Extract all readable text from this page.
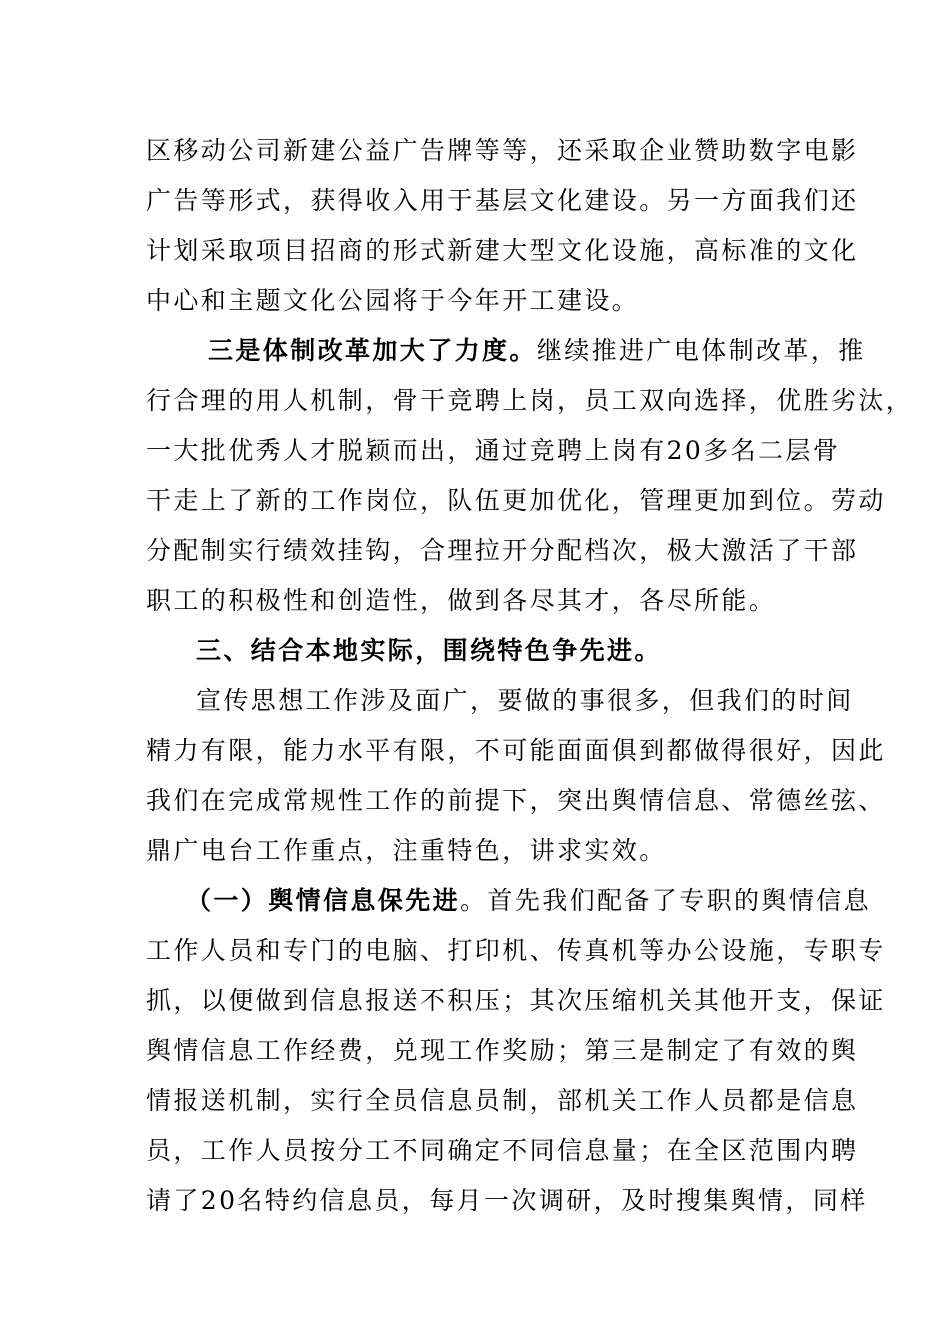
区移动公司新建公益广告牌等等，还采取企业赞助数字电影
广告等形式，获得收入用于基层文化建设。另一方面我们还
计划采取项目招商的形式新建大型文化设施，高标准的文化
中心和主题文化公园将于今年开工建设。
三是体制改革加大了力度。继续推进广电体制改革，推
行合理的用人机制，骨干竞聘上岗，员工双向选择，优胜劣汰，
一大批优秀人才脱颖而出，通过竞聘上岗有20多名二层骨
干走上了新的工作岗位，队伍更加优化，管理更加到位。劳动
分配制实行绩效挂钩，合理拉开分配档次，极大激活了干部
职工的积极性和创造性，做到各尽其才，各尽所能。
三、结合本地实际，围绕特色争先进。
宣传思想工作涉及面广，要做的事很多，但我们的时间
精力有限，能力水平有限，不可能面面俱到都做得很好，因此
我们在完成常规性工作的前提下，突出舆情信息、常德丝弦、
鼎广电台工作重点，注重特色，讲求实效。
（一）舆情信息保先进。首先我们配备了专职的舆情信息
工作人员和专门的电脑、打印机、传真机等办公设施，专职专
抓，以便做到信息报送不积压；其次压缩机关其他开支，保证
舆情信息工作经费，兑现工作奖励；第三是制定了有效的舆
情报送机制，实行全员信息员制，部机关工作人员都是信息
员，工作人员按分工不同确定不同信息量；在全区范围内聘
请了20名特约信息员，每月一次调研，及时搜集舆情，同样
